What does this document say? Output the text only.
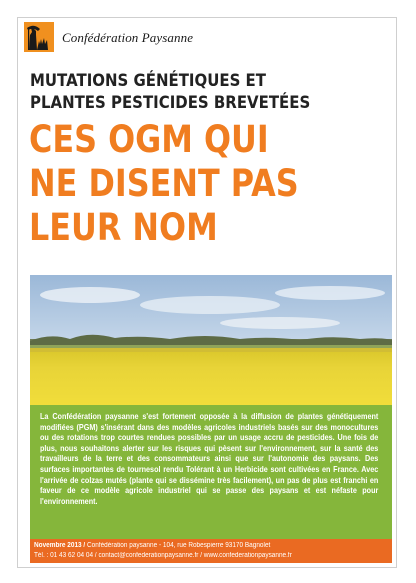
Confédération Paysanne
MUTATIONS GÉNÉTIQUES ET
PLANTES PESTICIDES BREVETÉES
CES OGM QUI
NE DISENT PAS
LEUR NOM

La Confédération paysanne s'est fortement opposée à la diffusion de plantes génétiquement modifiées (PGM) s'insérant dans des modèles agricoles industriels basés sur des monocultures ou des rotations trop courtes rendues possibles par un usage accru de pesticides. Une fois de plus, nous souhaitons alerter sur les risques qui pèsent sur l'environnement, sur la santé des travailleurs de la terre et des consommateurs ainsi que sur l'autonomie des paysans. Des surfaces importantes de tournesol rendu Tolérant à un Herbicide sont cultivées en France. Avec l'arrivée de colzas mutés (plante qui se dissémine très facilement), un pas de plus est franchi en faveur de ce modèle agricole industriel qui se passe des paysans et est néfaste pour l'environnement.

Novembre 2013 / Confédération paysanne - 104, rue Robespierre 93170 Bagnolet

Tél. : 01 43 62 04 04 / contact@confederationpaysanne.fr / www.confederationpaysanne.fr
